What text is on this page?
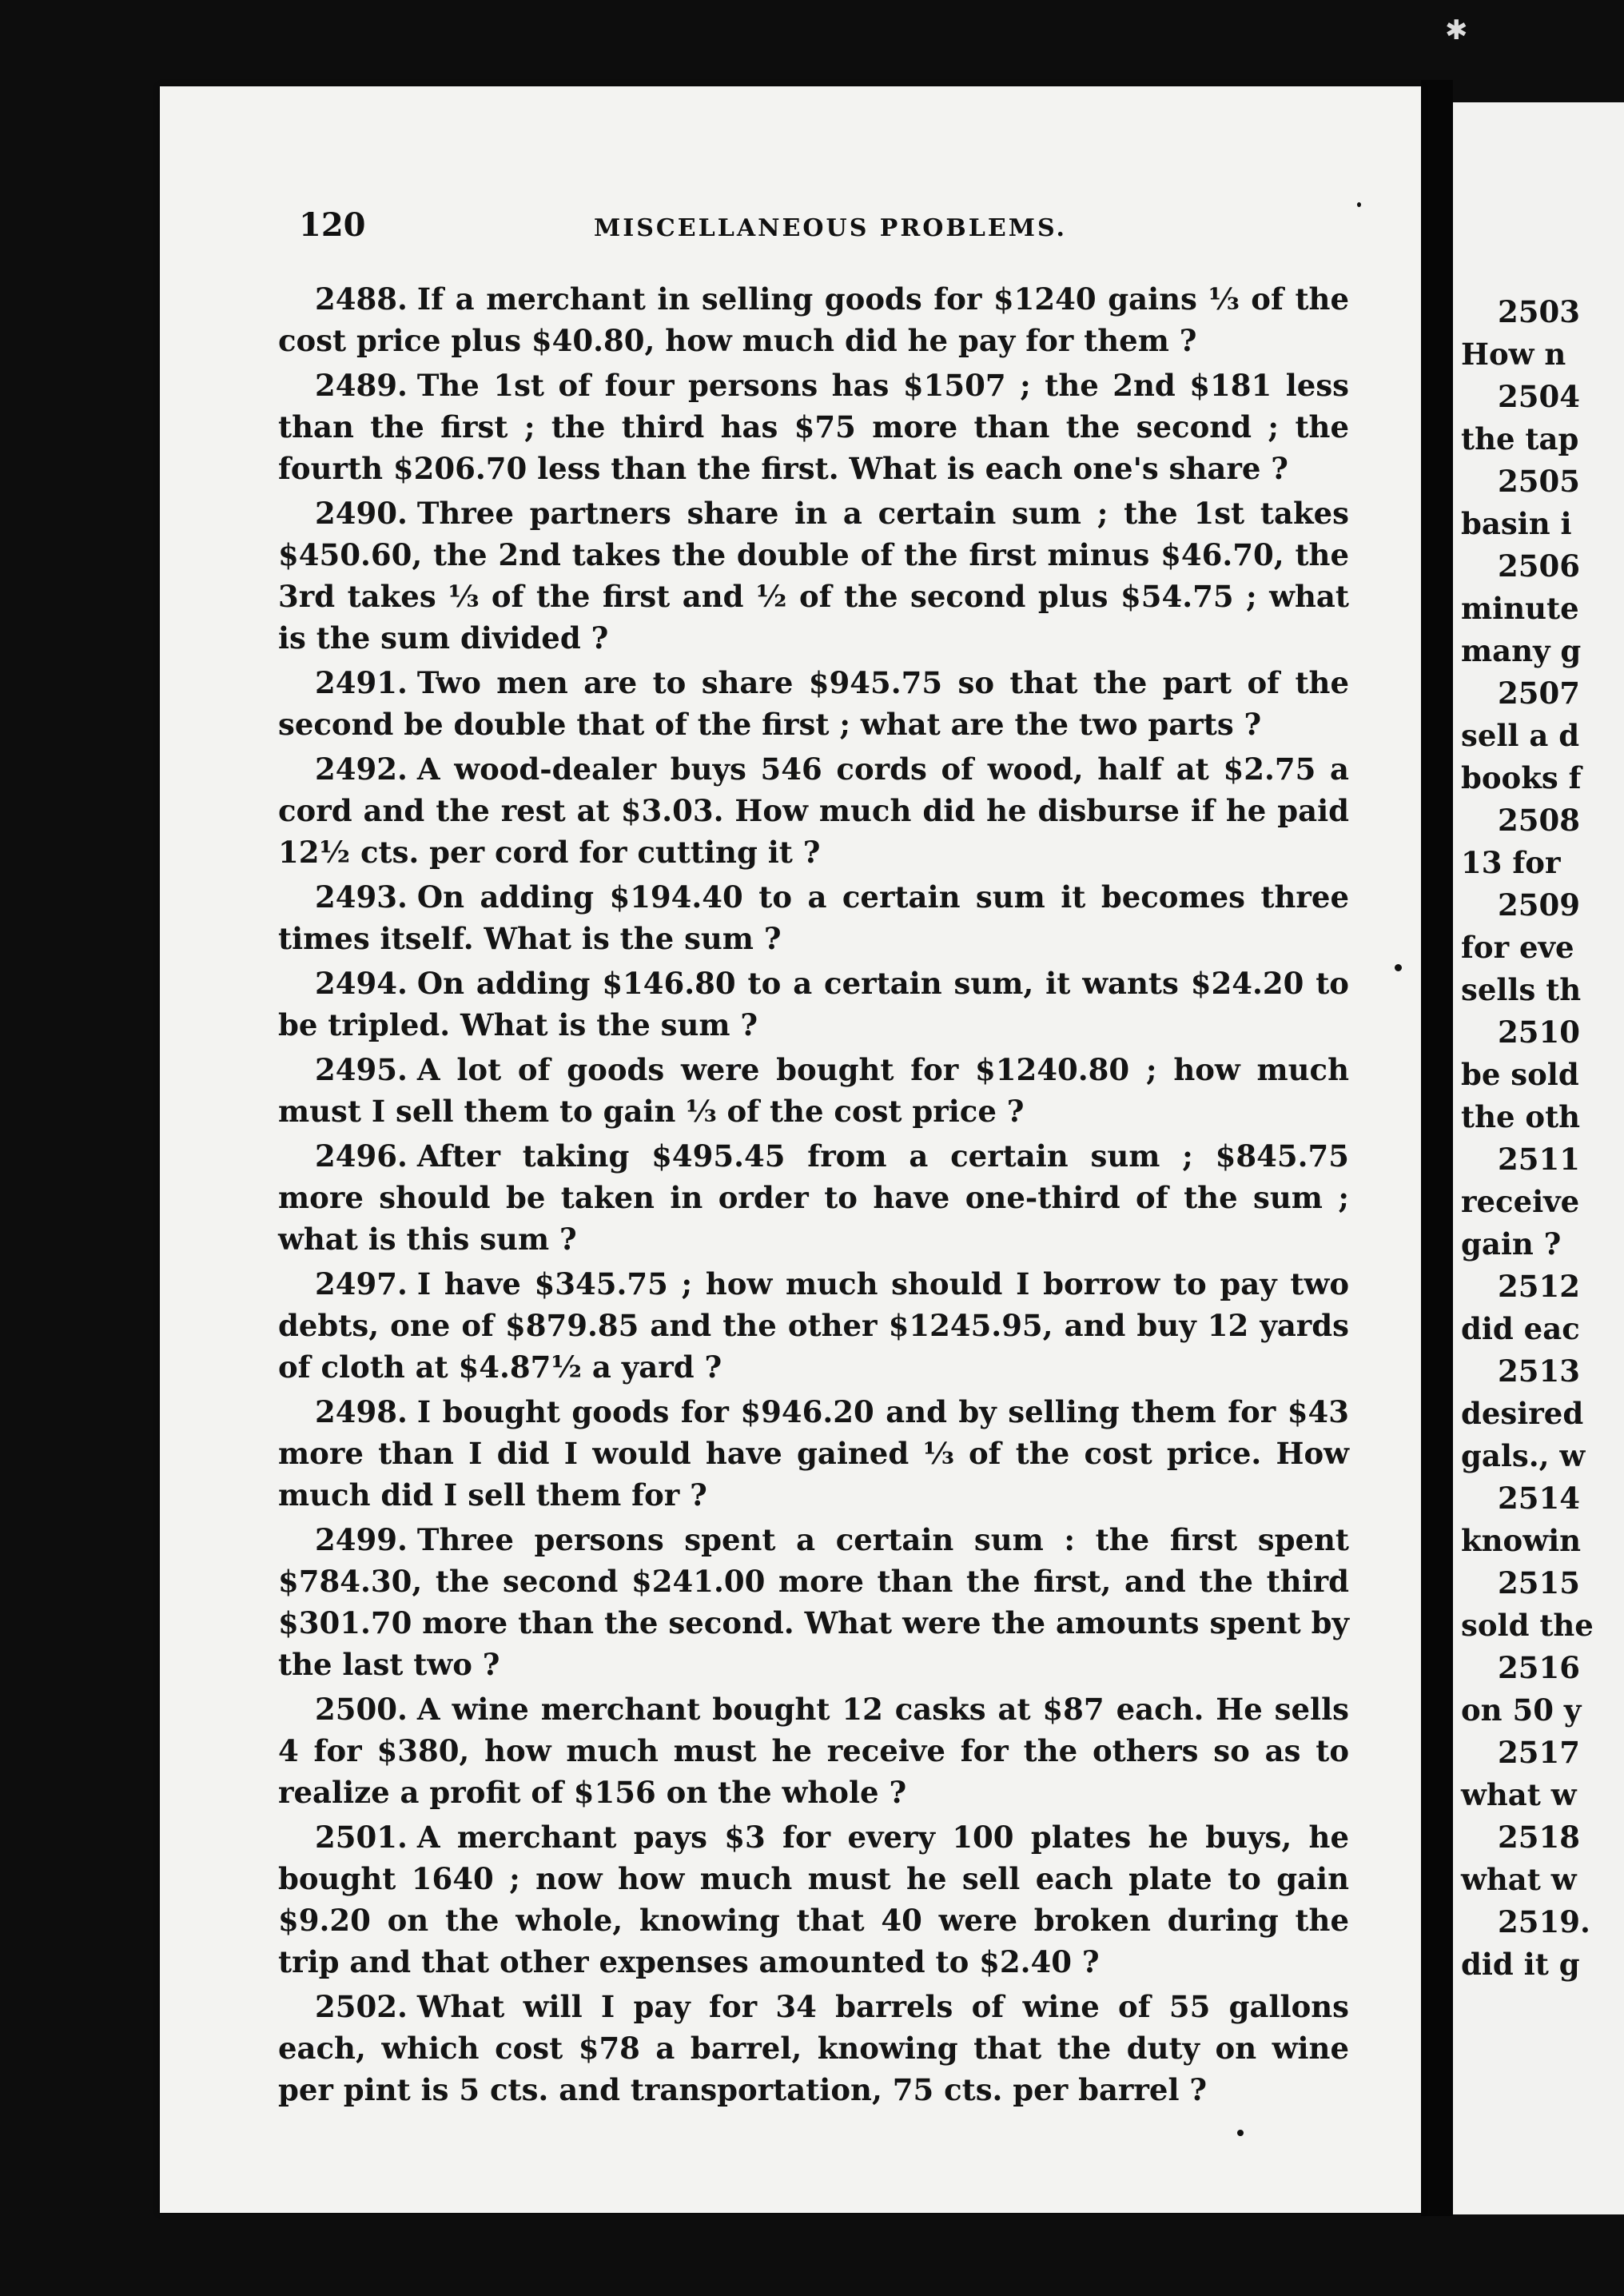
120	MISCELLANEOUS PROBLEMS.

2488. If a merchant in selling goods for $1240 gains ⅓ of the cost price plus $40.80, how much did he pay for them ?

2489. The 1st of four persons has $1507 ; the 2nd $181 less than the first ; the third has $75 more than the second ; the fourth $206.70 less than the first. What is each one's share ?

2490. Three partners share in a certain sum ; the 1st takes $450.60, the 2nd takes the double of the first minus $46.70, the 3rd takes ⅓ of the first and ½ of the second plus $54.75 ; what is the sum divided ?

2491. Two men are to share $945.75 so that the part of the second be double that of the first ; what are the two parts ?

2492. A wood-dealer buys 546 cords of wood, half at $2.75 a cord and the rest at $3.03. How much did he disburse if he paid 12½ cts. per cord for cutting it ?

2493. On adding $194.40 to a certain sum it becomes three times itself. What is the sum ?

2494. On adding $146.80 to a certain sum, it wants $24.20 to be tripled. What is the sum ?

2495. A lot of goods were bought for $1240.80 ; how much must I sell them to gain ⅓ of the cost price ?

2496. After taking $495.45 from a certain sum ; $845.75 more should be taken in order to have one-third of the sum ; what is this sum ?

2497. I have $345.75 ; how much should I borrow to pay two debts, one of $879.85 and the other $1245.95, and buy 12 yards of cloth at $4.87½ a yard ?

2498. I bought goods for $946.20 and by selling them for $43 more than I did I would have gained ⅓ of the cost price. How much did I sell them for ?

2499. Three persons spent a certain sum : the first spent $784.30, the second $241.00 more than the first, and the third $301.70 more than the second. What were the amounts spent by the last two ?

2500. A wine merchant bought 12 casks at $87 each. He sells 4 for $380, how much must he receive for the others so as to realize a profit of $156 on the whole ?

2501. A merchant pays $3 for every 100 plates he buys, he bought 1640 ; now how much must he sell each plate to gain $9.20 on the whole, knowing that 40 were broken during the trip and that other expenses amounted to $2.40 ?

2502. What will I pay for 34 barrels of wine of 55 gallons each, which cost $78 a barrel, knowing that the duty on wine per pint is 5 cts. and transportation, 75 cts. per barrel ?

2503
How n
2504
the tap
2505
basin i
2506
minute
many g
2507
sell a d
books f
2508
13 for
2509
for eve
sells th
2510
be sold
the oth
2511
receive
gain ?
2512
did eac
2513
desired
gals., w
2514
knowin
2515
sold the
2516
on 50 y
2517
what w
2518
what w
2519.
did it g
✱
